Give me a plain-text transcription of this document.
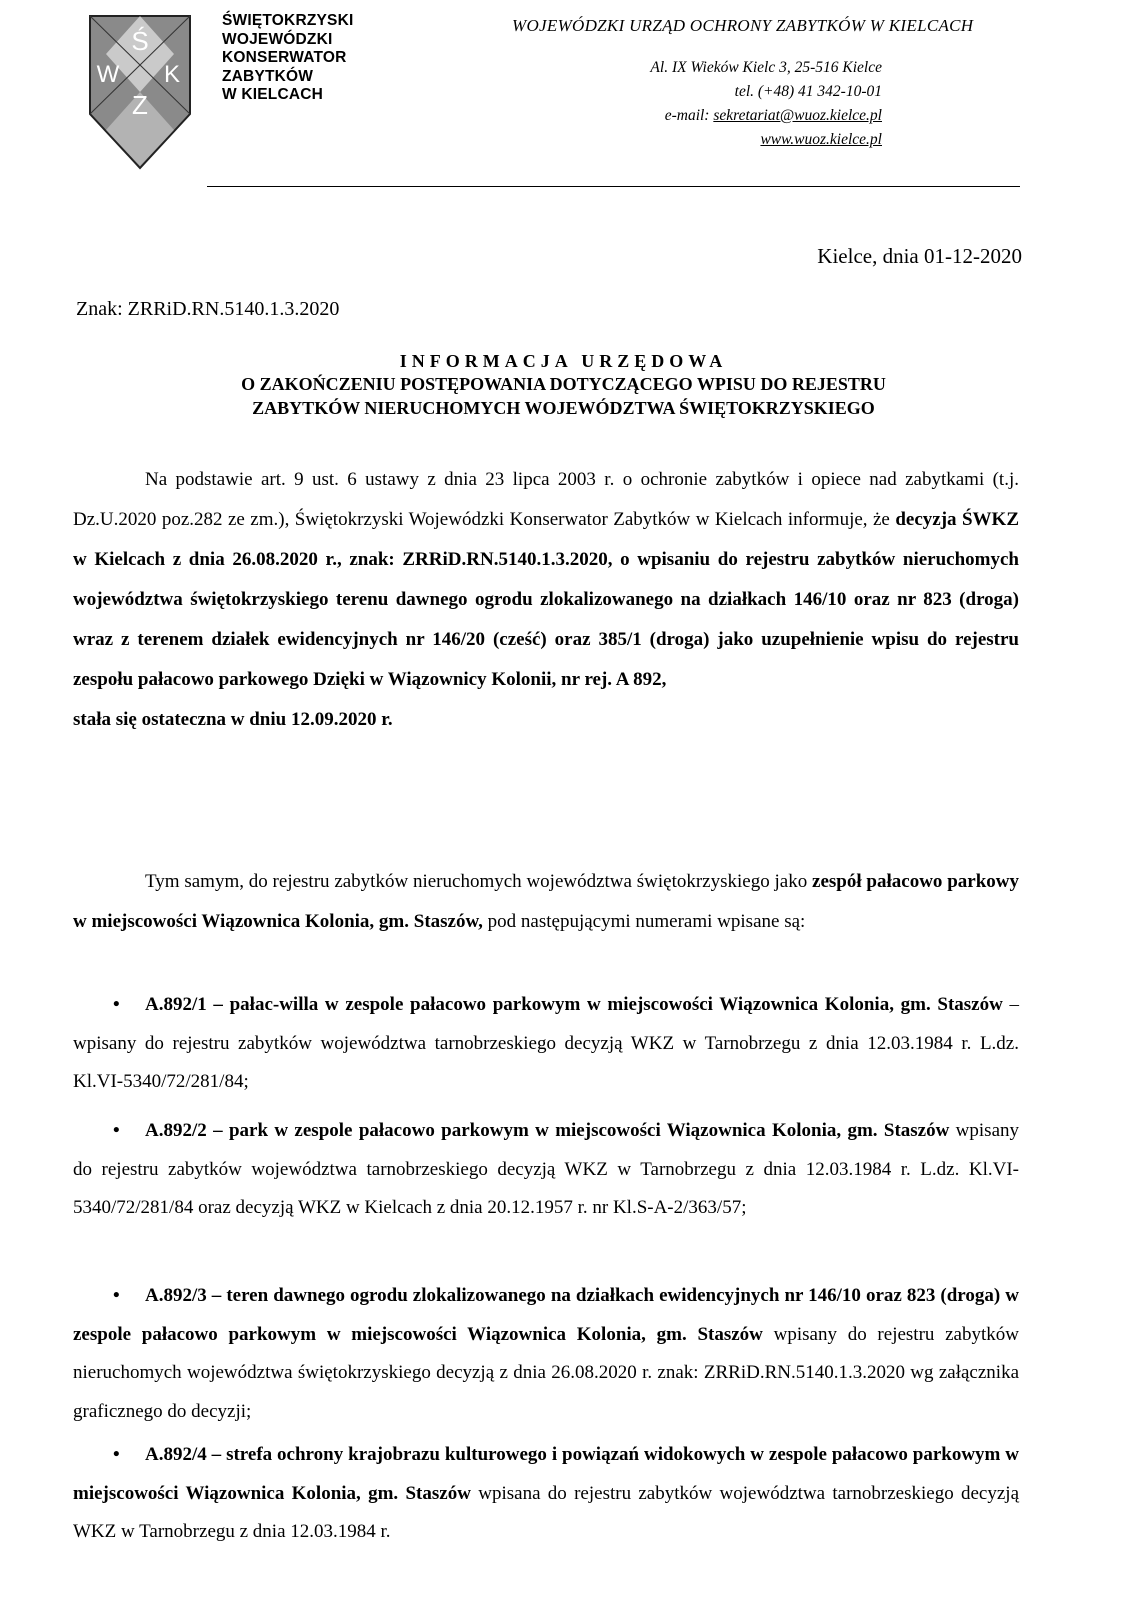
Ś
W K
Z
ŚWIĘTOKRZYSKI
WOJEWÓDZKI
KONSERWATOR
ZABYTKÓW
W KIELCACH
WOJEWÓDZKI URZĄD OCHRONY ZABYTKÓW W KIELCACH
Al. IX Wieków Kielc 3, 25-516 Kielce
tel. (+48) 41 342-10-01
e-mail: sekretariat@wuoz.kielce.pl
www.wuoz.kielce.pl
Kielce, dnia 01-12-2020
Znak: ZRRiD.RN.5140.1.3.2020
INFORMACJA URZĘDOWA
O ZAKOŃCZENIU POSTĘPOWANIA DOTYCZĄCEGO WPISU DO REJESTRU
ZABYTKÓW NIERUCHOMYCH WOJEWÓDZTWA ŚWIĘTOKRZYSKIEGO
Na podstawie art. 9 ust. 6 ustawy z dnia 23 lipca 2003 r. o ochronie zabytków i opiece nad zabytkami (t.j. Dz.U.2020 poz.282 ze zm.), Świętokrzyski Wojewódzki Konserwator Zabytków w Kielcach informuje, że decyzja ŚWKZ w Kielcach z dnia 26.08.2020 r., znak: ZRRiD.RN.5140.1.3.2020, o wpisaniu do rejestru zabytków nieruchomych województwa świętokrzyskiego terenu dawnego ogrodu zlokalizowanego na działkach 146/10 oraz nr 823 (droga) wraz z terenem działek ewidencyjnych nr 146/20 (cześć) oraz 385/1 (droga) jako uzupełnienie wpisu do rejestru zespołu pałacowo parkowego Dzięki w Wiązownicy Kolonii, nr rej. A 892,
stała się ostateczna w dniu 12.09.2020 r.
Tym samym, do rejestru zabytków nieruchomych województwa świętokrzyskiego jako zespół pałacowo parkowy w miejscowości Wiązownica Kolonia, gm. Staszów, pod następującymi numerami wpisane są:
• A.892/1 – pałac-willa w zespole pałacowo parkowym w miejscowości Wiązownica Kolonia, gm. Staszów – wpisany do rejestru zabytków województwa tarnobrzeskiego decyzją WKZ w Tarnobrzegu z dnia 12.03.1984 r. L.dz. Kl.VI-5340/72/281/84;
• A.892/2 – park w zespole pałacowo parkowym w miejscowości Wiązownica Kolonia, gm. Staszów wpisany do rejestru zabytków województwa tarnobrzeskiego decyzją WKZ w Tarnobrzegu z dnia 12.03.1984 r. L.dz. Kl.VI-5340/72/281/84 oraz decyzją WKZ w Kielcach z dnia 20.12.1957 r. nr Kl.S-A-2/363/57;
• A.892/3 – teren dawnego ogrodu zlokalizowanego na działkach ewidencyjnych nr 146/10 oraz 823 (droga) w zespole pałacowo parkowym w miejscowości Wiązownica Kolonia, gm. Staszów wpisany do rejestru zabytków nieruchomych województwa świętokrzyskiego decyzją z dnia 26.08.2020 r. znak: ZRRiD.RN.5140.1.3.2020 wg załącznika graficznego do decyzji;
• A.892/4 – strefa ochrony krajobrazu kulturowego i powiązań widokowych w zespole pałacowo parkowym w miejscowości Wiązownica Kolonia, gm. Staszów wpisana do rejestru zabytków województwa tarnobrzeskiego decyzją WKZ w Tarnobrzegu z dnia 12.03.1984 r.
